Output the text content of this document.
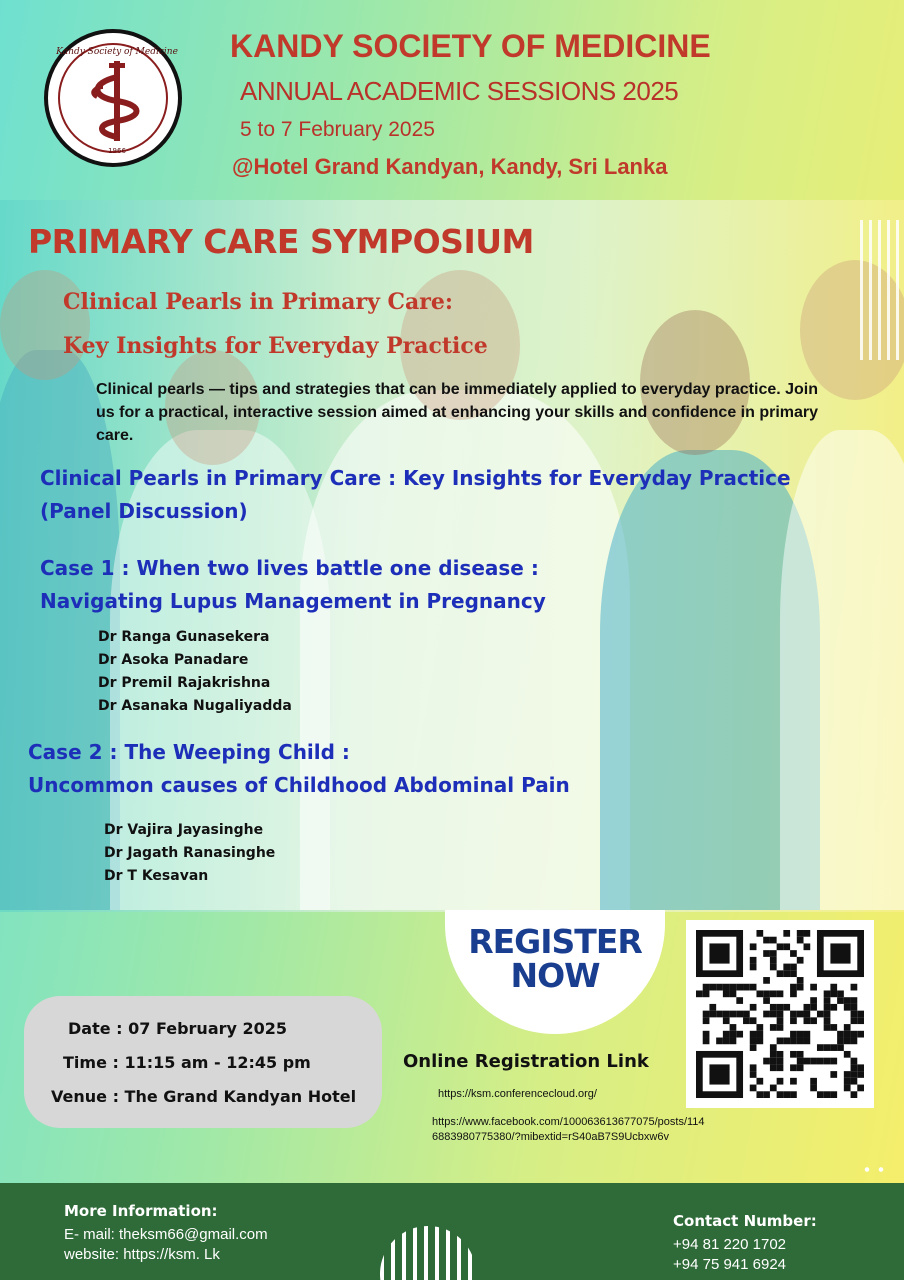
Kandy Society of Medicine
1966
KANDY SOCIETY OF MEDICINE
ANNUAL ACADEMIC SESSIONS 2025
5 to 7 February 2025
@Hotel Grand Kandyan, Kandy, Sri Lanka
PRIMARY CARE SYMPOSIUM
Clinical Pearls in Primary Care:
Key Insights for Everyday Practice
Clinical pearls — tips and strategies that can be immediately applied to everyday practice. Join us for a practical, interactive session aimed at enhancing your skills and confidence in primary care.
Clinical Pearls in Primary Care : Key Insights for Everyday Practice
(Panel Discussion)
Case 1 : When two lives battle one disease :
Navigating Lupus Management in Pregnancy
Dr Ranga Gunasekera
Dr Asoka Panadare
Dr Premil Rajakrishna
Dr Asanaka Nugaliyadda
Case 2 : The Weeping Child :
Uncommon causes of Childhood Abdominal Pain
Dr Vajira Jayasinghe
Dr Jagath Ranasinghe
Dr T Kesavan
Date : 07 February 2025
Time : 11:15 am - 12:45 pm
Venue : The Grand Kandyan Hotel
REGISTER
NOW
Online Registration Link
https://ksm.conferencecloud.org/
https://www.facebook.com/100063613677075/posts/114
6883980775380/?mibextid=rS40aB7S9Ucbxw6v
More Information:
E- mail: theksm66@gmail.com
website: https://ksm. Lk
Contact Number:
+94 81 220 1702
+94 75 941 6924
